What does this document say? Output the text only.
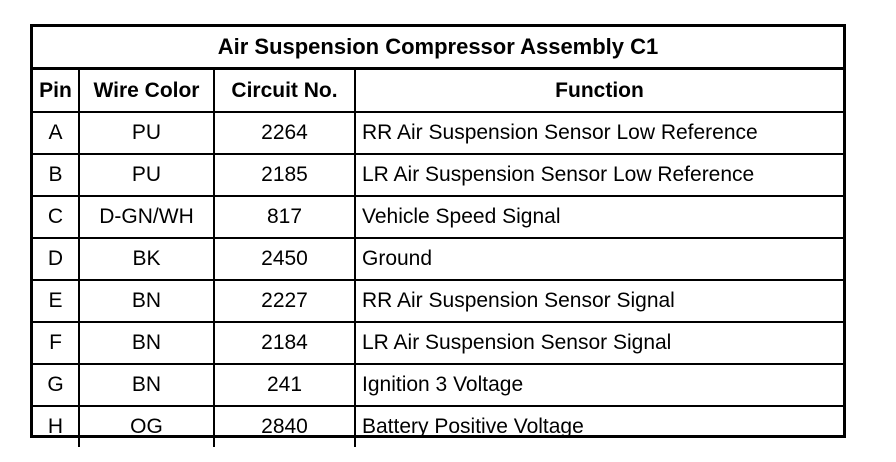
Air Suspension Compressor Assembly C1			
Pin	Wire Color	Circuit No.	Function
A	PU	2264	RR Air Suspension Sensor Low Reference
B	PU	2185	LR Air Suspension Sensor Low Reference
C	D-GN/WH	817	Vehicle Speed Signal
D	BK	2450	Ground
E	BN	2227	RR Air Suspension Sensor Signal
F	BN	2184	LR Air Suspension Sensor Signal
G	BN	241	Ignition 3 Voltage
H	OG	2840	Battery Positive Voltage
